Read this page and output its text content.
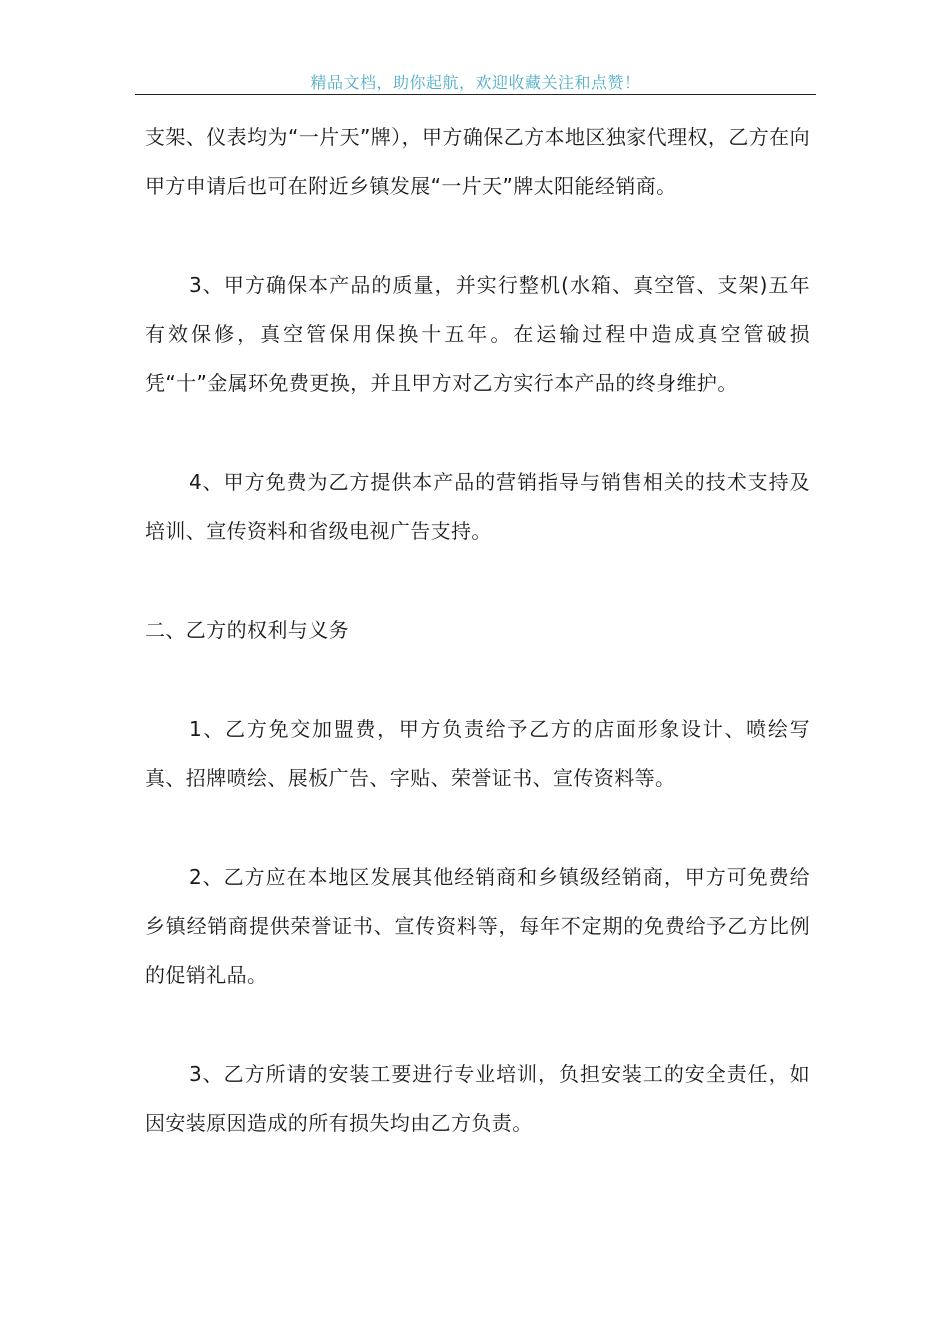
精品文档，助你起航，欢迎收藏关注和点赞！

支架、仪表均为“一片天”牌），甲方确保乙方本地区独家代理权，乙方在向甲方申请后也可在附近乡镇发展“一片天”牌太阳能经销商。

3、甲方确保本产品的质量，并实行整机(水箱、真空管、支架)五年有效保修，真空管保用保换十五年。在运输过程中造成真空管破损凭“十”金属环免费更换，并且甲方对乙方实行本产品的终身维护。

4、甲方免费为乙方提供本产品的营销指导与销售相关的技术支持及培训、宣传资料和省级电视广告支持。

二、乙方的权利与义务

1、乙方免交加盟费，甲方负责给予乙方的店面形象设计、喷绘写真、招牌喷绘、展板广告、字贴、荣誉证书、宣传资料等。

2、乙方应在本地区发展其他经销商和乡镇级经销商，甲方可免费给乡镇经销商提供荣誉证书、宣传资料等，每年不定期的免费给予乙方比例的促销礼品。

3、乙方所请的安装工要进行专业培训，负担安装工的安全责任，如因安装原因造成的所有损失均由乙方负责。
